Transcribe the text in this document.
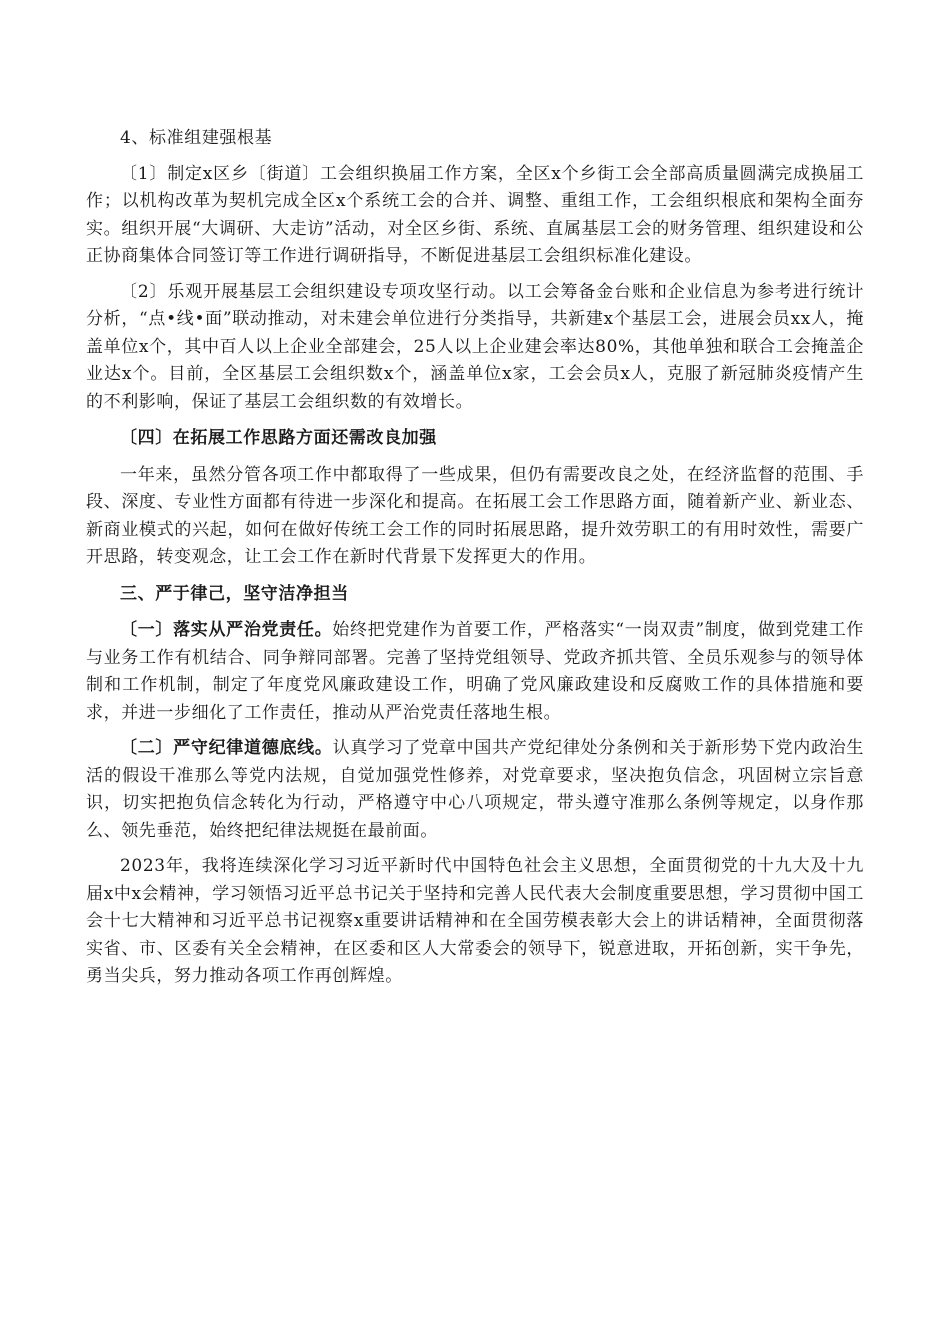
4、标准组建强根基

〔1〕制定x区乡〔街道〕工会组织换届工作方案，全区x个乡街工会全部高质量圆满完成换届工作；以机构改革为契机完成全区x个系统工会的合并、调整、重组工作，工会组织根底和架构全面夯实。组织开展“大调研、大走访”活动，对全区乡街、系统、直属基层工会的财务管理、组织建设和公正协商集体合同签订等工作进行调研指导，不断促进基层工会组织标准化建设。

〔2〕乐观开展基层工会组织建设专项攻坚行动。以工会筹备金台账和企业信息为参考进行统计分析，“点•线•面”联动推动，对未建会单位进行分类指导，共新建x个基层工会，进展会员xx人，掩盖单位x个，其中百人以上企业全部建会，25人以上企业建会率达80%，其他单独和联合工会掩盖企业达x个。目前，全区基层工会组织数x个，涵盖单位x家，工会会员x人，克服了新冠肺炎疫情产生的不利影响，保证了基层工会组织数的有效增长。

〔四〕在拓展工作思路方面还需改良加强

一年来，虽然分管各项工作中都取得了一些成果，但仍有需要改良之处，在经济监督的范围、手段、深度、专业性方面都有待进一步深化和提高。在拓展工会工作思路方面，随着新产业、新业态、新商业模式的兴起，如何在做好传统工会工作的同时拓展思路，提升效劳职工的有用时效性，需要广开思路，转变观念，让工会工作在新时代背景下发挥更大的作用。

三、严于律己，坚守洁净担当

〔一〕落实从严治党责任。始终把党建作为首要工作，严格落实“一岗双责”制度，做到党建工作与业务工作有机结合、同争辩同部署。完善了坚持党组领导、党政齐抓共管、全员乐观参与的领导体制和工作机制，制定了年度党风廉政建设工作，明确了党风廉政建设和反腐败工作的具体措施和要求，并进一步细化了工作责任，推动从严治党责任落地生根。

〔二〕严守纪律道德底线。认真学习了党章中国共产党纪律处分条例和关于新形势下党内政治生活的假设干准那么等党内法规，自觉加强党性修养，对党章要求，坚决抱负信念，巩固树立宗旨意识，切实把抱负信念转化为行动，严格遵守中心八项规定，带头遵守准那么条例等规定，以身作那么、领先垂范，始终把纪律法规挺在最前面。

2023年，我将连续深化学习习近平新时代中国特色社会主义思想，全面贯彻党的十九大及十九届x中x会精神，学习领悟习近平总书记关于坚持和完善人民代表大会制度重要思想，学习贯彻中国工会十七大精神和习近平总书记视察x重要讲话精神和在全国劳模表彰大会上的讲话精神，全面贯彻落实省、市、区委有关全会精神，在区委和区人大常委会的领导下，锐意进取，开拓创新，实干争先，勇当尖兵，努力推动各项工作再创辉煌。
